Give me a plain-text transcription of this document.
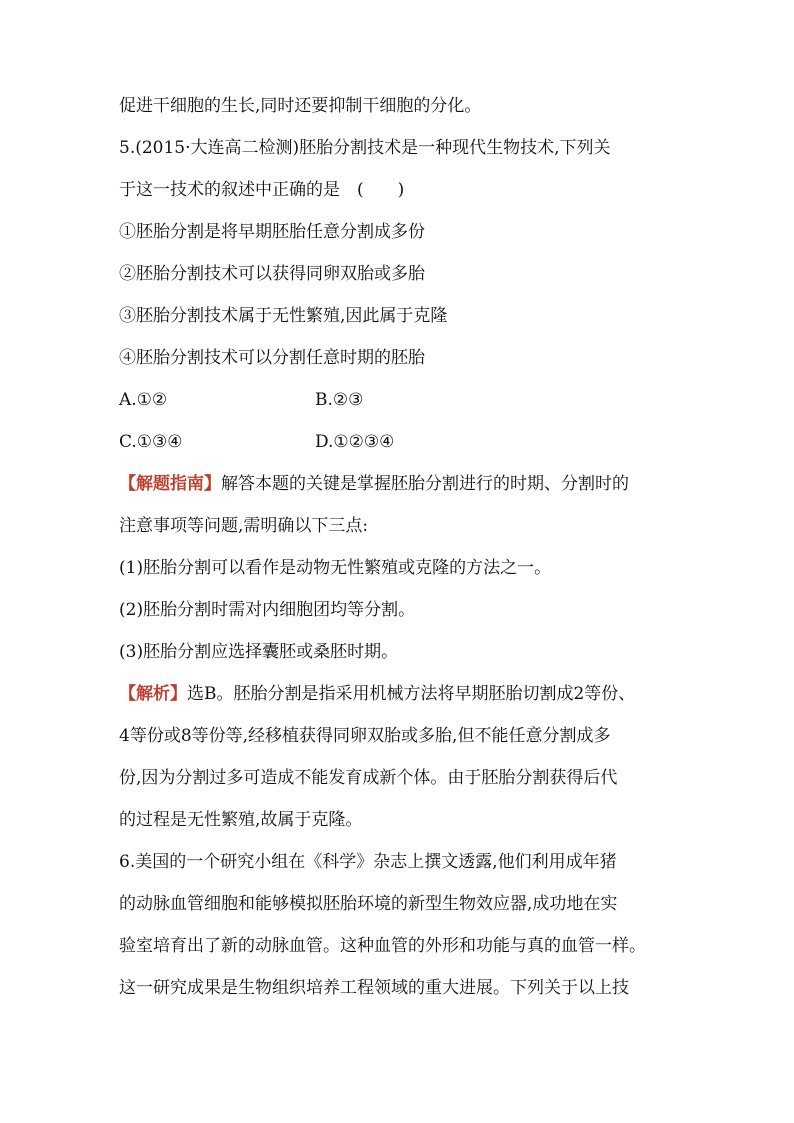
促进干细胞的生长,同时还要抑制干细胞的分化。

5.(2015·大连高二检测)胚胎分割技术是一种现代生物技术,下列关

于这一技术的叙述中正确的是　(　　)

①胚胎分割是将早期胚胎任意分割成多份

②胚胎分割技术可以获得同卵双胎或多胎

③胚胎分割技术属于无性繁殖,因此属于克隆

④胚胎分割技术可以分割任意时期的胚胎

A.①②	B.②③
C.①③④	D.①②③④

【解题指南】解答本题的关键是掌握胚胎分割进行的时期、分割时的

注意事项等问题,需明确以下三点:

(1)胚胎分割可以看作是动物无性繁殖或克隆的方法之一。

(2)胚胎分割时需对内细胞团均等分割。

(3)胚胎分割应选择囊胚或桑胚时期。

【解析】选B。胚胎分割是指采用机械方法将早期胚胎切割成2等份、

4等份或8等份等,经移植获得同卵双胎或多胎,但不能任意分割成多

份,因为分割过多可造成不能发育成新个体。由于胚胎分割获得后代

的过程是无性繁殖,故属于克隆。

6.美国的一个研究小组在《科学》杂志上撰文透露,他们利用成年猪

的动脉血管细胞和能够模拟胚胎环境的新型生物效应器,成功地在实

验室培育出了新的动脉血管。这种血管的外形和功能与真的血管一样。

这一研究成果是生物组织培养工程领域的重大进展。下列关于以上技
